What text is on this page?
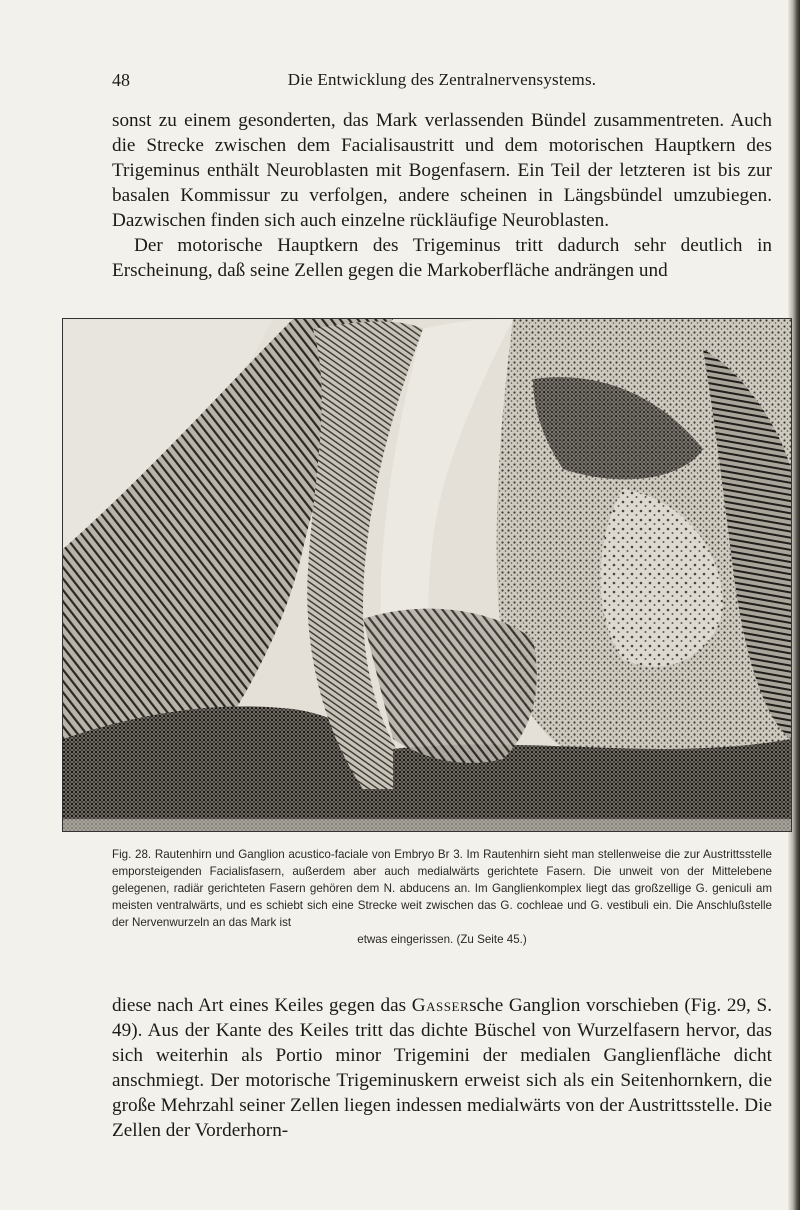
48	Die Entwicklung des Zentralnervensystems.

sonst zu einem gesonderten, das Mark verlassenden Bündel zusammentreten. Auch die Strecke zwischen dem Facialisaustritt und dem motorischen Hauptkern des Trigeminus enthält Neuroblasten mit Bogenfasern. Ein Teil der letzteren ist bis zur basalen Kommissur zu verfolgen, andere scheinen in Längsbündel umzubiegen. Dazwischen finden sich auch einzelne rückläufige Neuroblasten.

Der motorische Hauptkern des Trigeminus tritt dadurch sehr deutlich in Erscheinung, daß seine Zellen gegen die Markoberfläche andrängen und

Fig. 28. Rautenhirn und Ganglion acustico-faciale von Embryo Br 3. Im Rautenhirn sieht man stellenweise die zur Austrittsstelle emporsteigenden Facialisfasern, außerdem aber auch medialwärts gerichtete Fasern. Die unweit von der Mittelebene gelegenen, radiär gerichteten Fasern gehören dem N. abducens an. Im Ganglienkomplex liegt das großzellige G. geniculi am meisten ventralwärts, und es schiebt sich eine Strecke weit zwischen das G. cochleae und G. vestibuli ein. Die Anschlußstelle der Nervenwurzeln an das Mark ist
etwas eingerissen. (Zu Seite 45.)

diese nach Art eines Keiles gegen das Gassersche Ganglion vorschieben (Fig. 29, S. 49). Aus der Kante des Keiles tritt das dichte Büschel von Wurzelfasern hervor, das sich weiterhin als Portio minor Trigemini der medialen Ganglienfläche dicht anschmiegt. Der motorische Trigeminuskern erweist sich als ein Seitenhornkern, die große Mehrzahl seiner Zellen liegen indessen medialwärts von der Austrittsstelle. Die Zellen der Vorderhorn-
